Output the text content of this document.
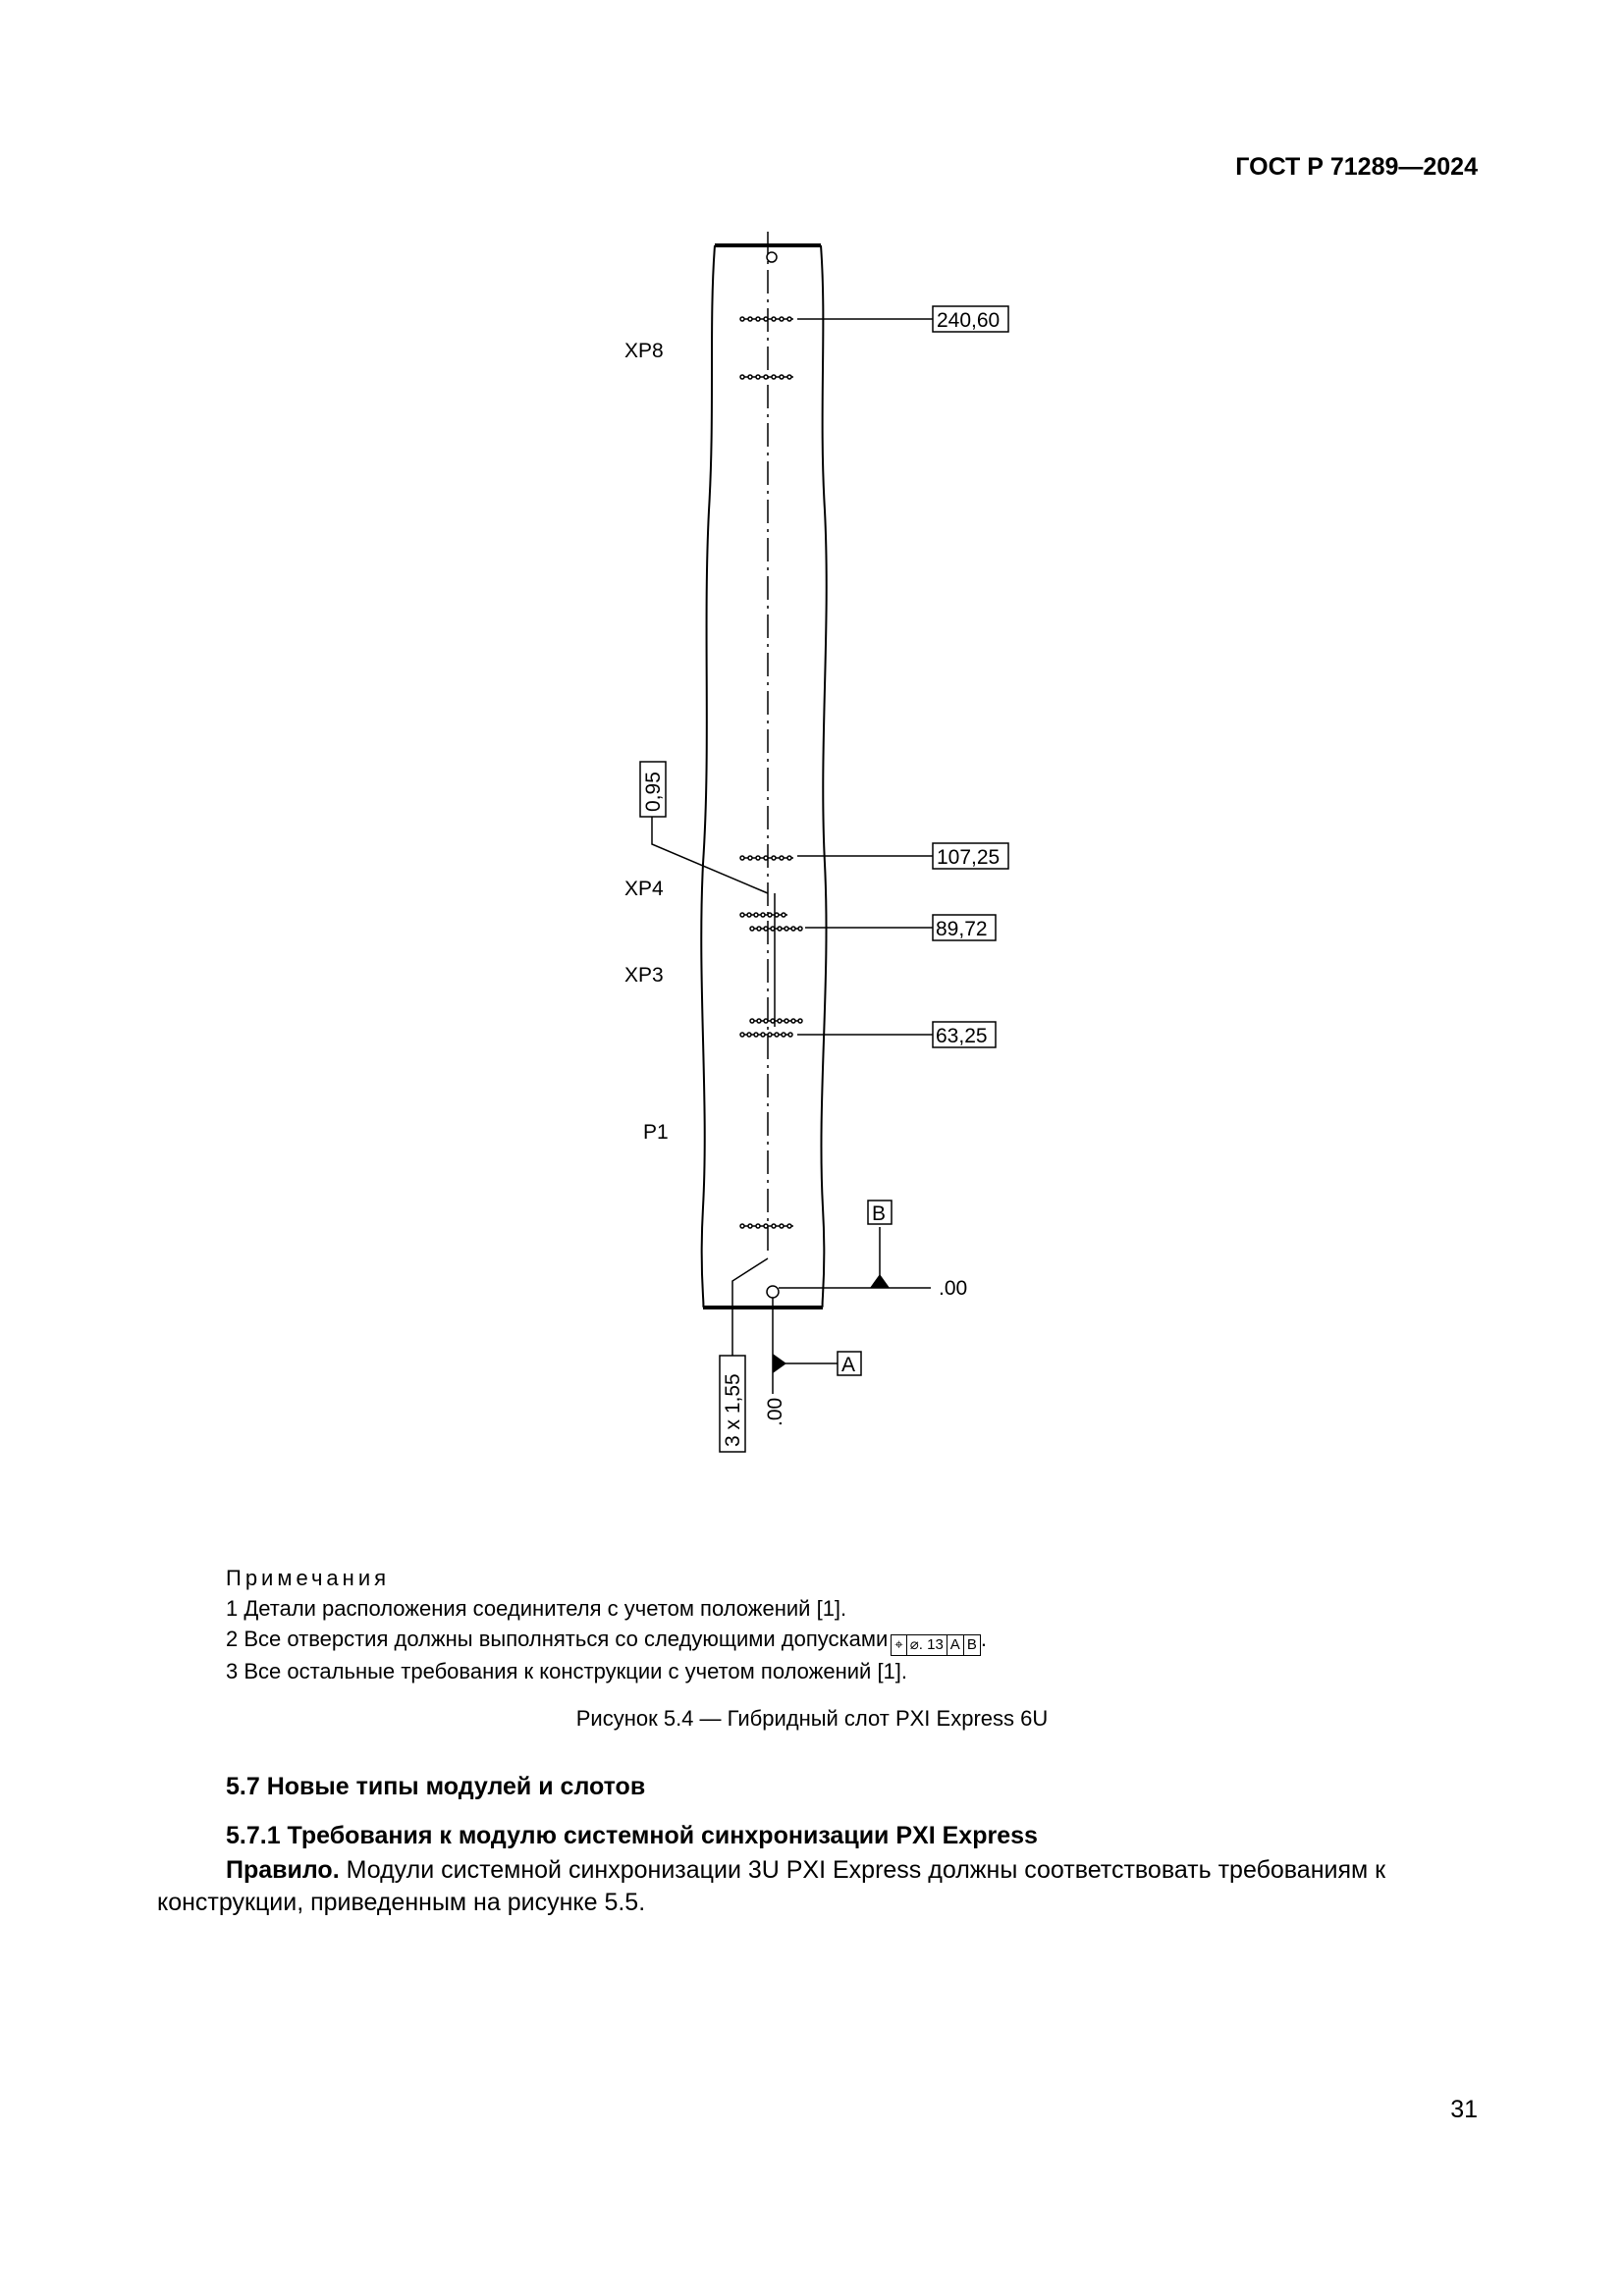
ГОСТ Р 71289—2024
XP8
XP4
XP3
P1
240,60
107,25
89,72
63,25
0,95
3 x 1,55
B
A
.00
.00
Примечания
1 Детали расположения соединителя с учетом положений [1].
2 Все отверстия должны выполняться со следующими допусками ⌖ ⌀. 13 A B .
3 Все остальные требования к конструкции с учетом положений [1].
Рисунок 5.4 — Гибридный слот PXI Express 6U
5.7 Новые типы модулей и слотов
5.7.1 Требования к модулю системной синхронизации PXI Express
Правило. Модули системной синхронизации 3U PXI Express должны соответствовать требованиям к конструкции, приведенным на рисунке 5.5.
31
